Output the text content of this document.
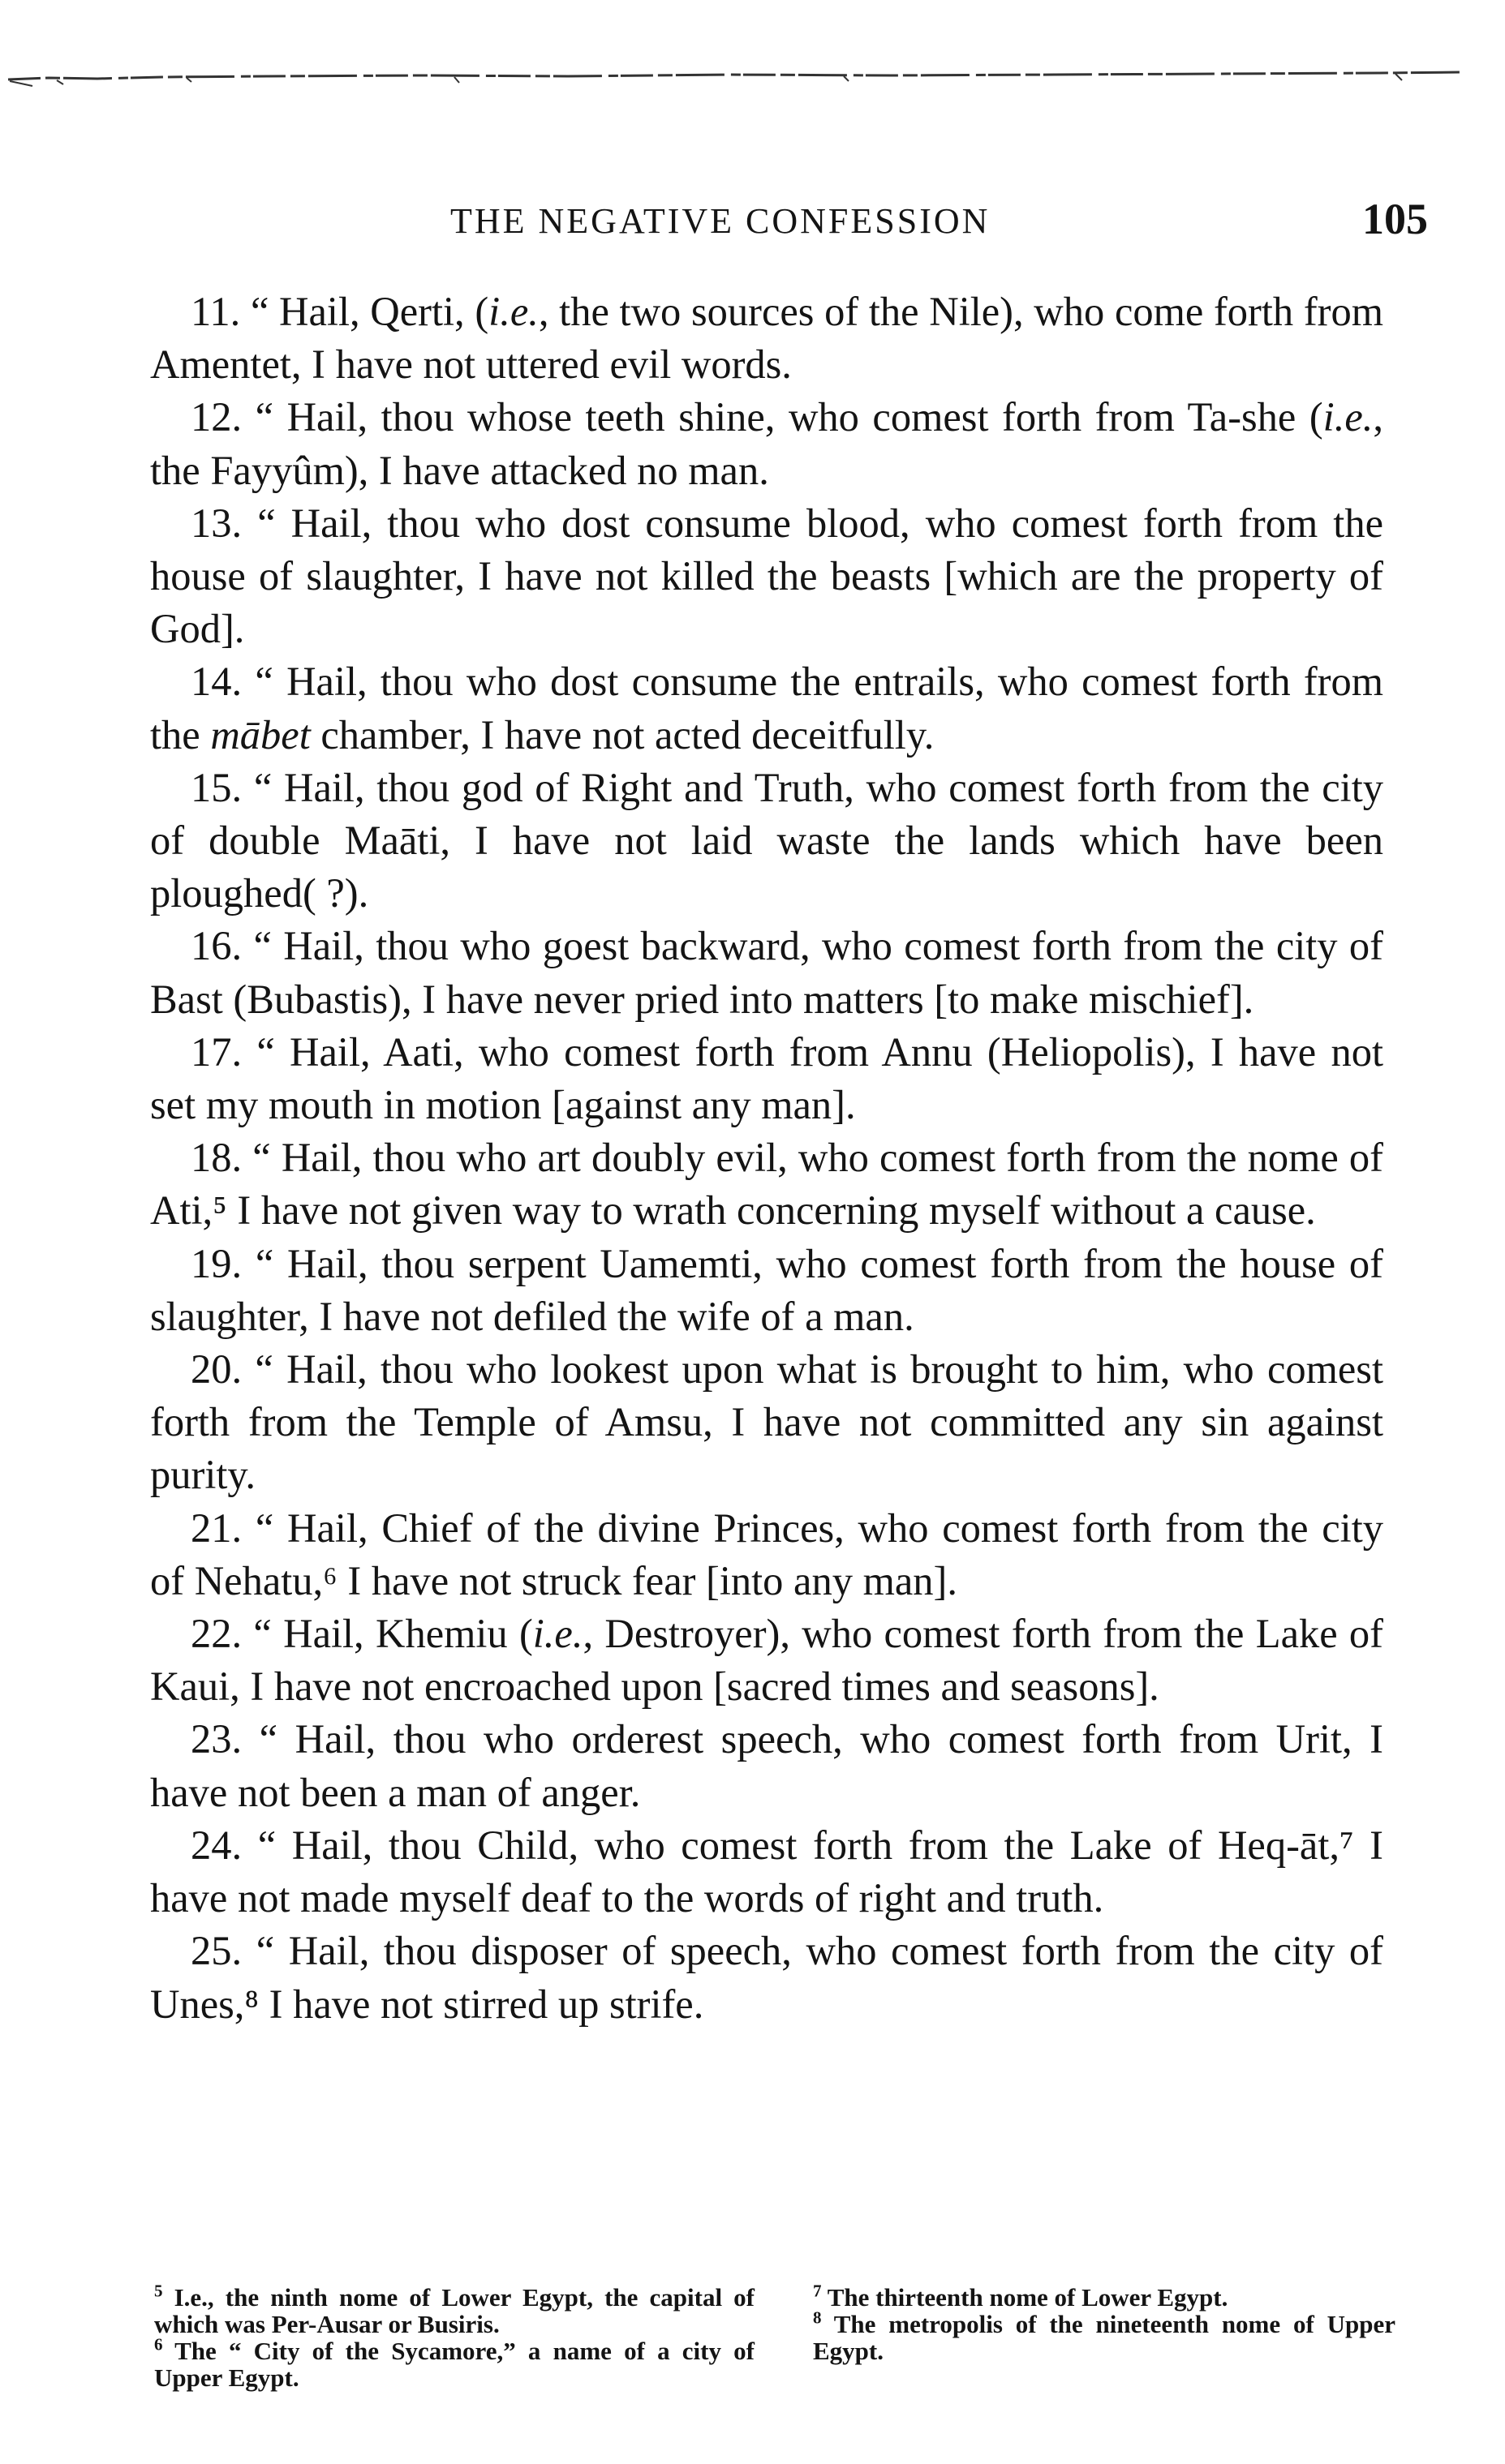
THE NEGATIVE CONFESSION	105

11. “ Hail, Qerti, (i.e., the two sources of the Nile), who come forth from Amentet, I have not uttered evil words.

12. “ Hail, thou whose teeth shine, who comest forth from Ta-she (i.e., the Fayyûm), I have attacked no man.

13. “ Hail, thou who dost consume blood, who comest forth from the house of slaughter, I have not killed the beasts [which are the property of God].

14. “ Hail, thou who dost consume the entrails, who comest forth from the mābet chamber, I have not acted deceitfully.

15. “ Hail, thou god of Right and Truth, who comest forth from the city of double Maāti, I have not laid waste the lands which have been ploughed( ?).

16. “ Hail, thou who goest backward, who comest forth from the city of Bast (Bubastis), I have never pried into matters [to make mischief].

17. “ Hail, Aati, who comest forth from Annu (Heliopolis), I have not set my mouth in motion [against any man].

18. “ Hail, thou who art doubly evil, who comest forth from the nome of Ati,⁵ I have not given way to wrath concerning myself without a cause.

19. “ Hail, thou serpent Uamemti, who comest forth from the house of slaughter, I have not defiled the wife of a man.

20. “ Hail, thou who lookest upon what is brought to him, who comest forth from the Temple of Amsu, I have not committed any sin against purity.

21. “ Hail, Chief of the divine Princes, who comest forth from the city of Nehatu,⁶ I have not struck fear [into any man].

22. “ Hail, Khemiu (i.e., Destroyer), who comest forth from the Lake of Kaui, I have not encroached upon [sacred times and seasons].

23. “ Hail, thou who orderest speech, who comest forth from Urit, I have not been a man of anger.

24. “ Hail, thou Child, who comest forth from the Lake of Heq-āt,⁷ I have not made myself deaf to the words of right and truth.

25. “ Hail, thou disposer of speech, who comest forth from the city of Unes,⁸ I have not stirred up strife.

$^5$ I.e., the ninth nome of Lower Egypt, the capital of which was Per-Ausar or Busiris.

$^6$ The “ City of the Sycamore,” a name of a city of Upper Egypt.

$^7$ The thirteenth nome of Lower Egypt.

$^8$ The metropolis of the nineteenth nome of Upper Egypt.
